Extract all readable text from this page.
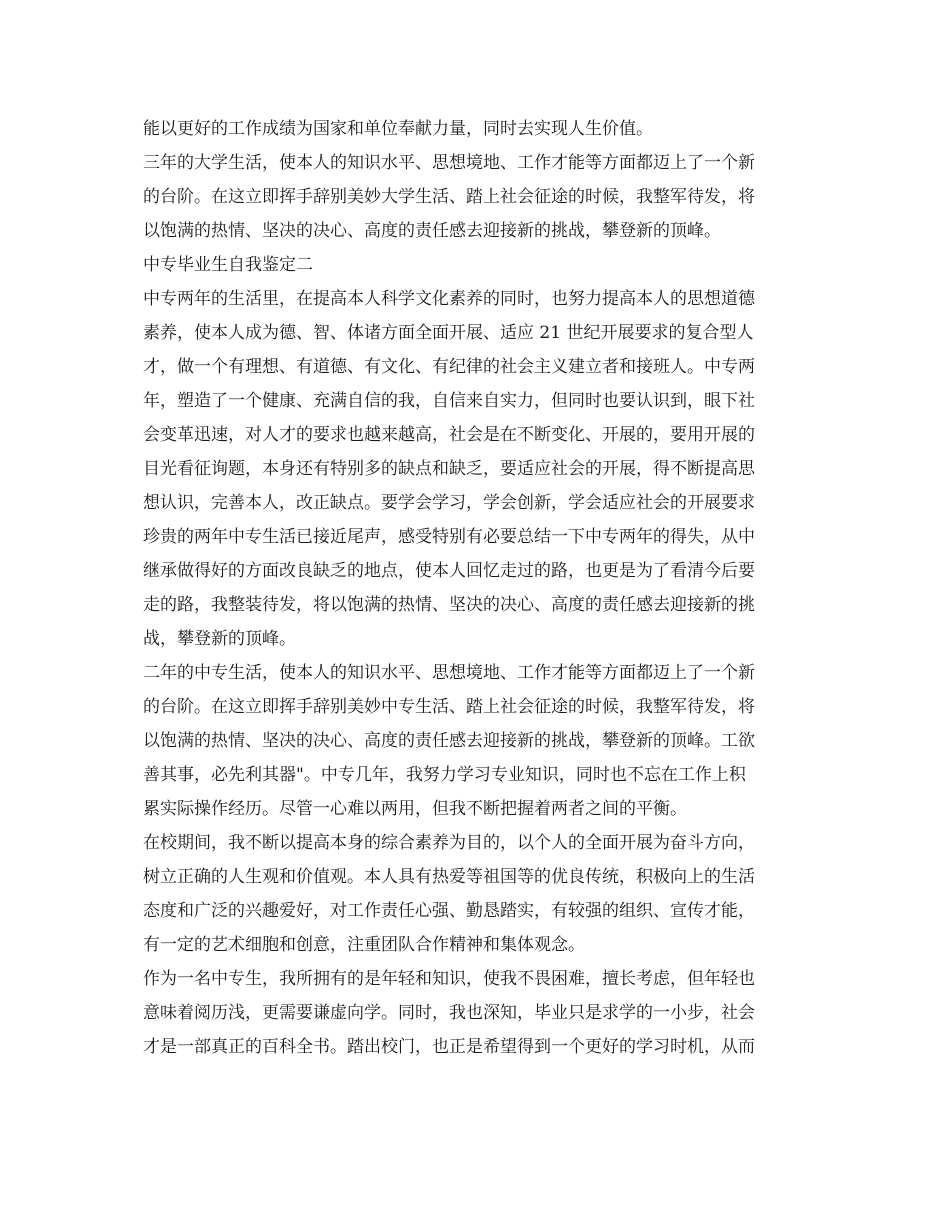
能以更好的工作成绩为国家和单位奉献力量，同时去实现人生价值。
三年的大学生活，使本人的知识水平、思想境地、工作才能等方面都迈上了一个新
的台阶。在这立即挥手辞别美妙大学生活、踏上社会征途的时候，我整军待发，将
以饱满的热情、坚决的决心、高度的责任感去迎接新的挑战，攀登新的顶峰。
中专毕业生自我鉴定二
中专两年的生活里，在提高本人科学文化素养的同时，也努力提高本人的思想道德
素养，使本人成为德、智、体诸方面全面开展、适应 21 世纪开展要求的复合型人
才，做一个有理想、有道德、有文化、有纪律的社会主义建立者和接班人。中专两
年，塑造了一个健康、充满自信的我，自信来自实力，但同时也要认识到，眼下社
会变革迅速，对人才的要求也越来越高，社会是在不断变化、开展的，要用开展的
目光看征询题，本身还有特别多的缺点和缺乏，要适应社会的开展，得不断提高思
想认识，完善本人，改正缺点。要学会学习，学会创新，学会适应社会的开展要求
珍贵的两年中专生活已接近尾声，感受特别有必要总结一下中专两年的得失，从中
继承做得好的方面改良缺乏的地点，使本人回忆走过的路，也更是为了看清今后要
走的路，我整装待发，将以饱满的热情、坚决的决心、高度的责任感去迎接新的挑
战，攀登新的顶峰。
二年的中专生活，使本人的知识水平、思想境地、工作才能等方面都迈上了一个新
的台阶。在这立即挥手辞别美妙中专生活、踏上社会征途的时候，我整军待发，将
以饱满的热情、坚决的决心、高度的责任感去迎接新的挑战，攀登新的顶峰。工欲
善其事，必先利其器"。中专几年，我努力学习专业知识，同时也不忘在工作上积
累实际操作经历。尽管一心难以两用，但我不断把握着两者之间的平衡。
在校期间，我不断以提高本身的综合素养为目的，以个人的全面开展为奋斗方向，
树立正确的人生观和价值观。本人具有热爱等祖国等的优良传统，积极向上的生活
态度和广泛的兴趣爱好，对工作责任心强、勤恳踏实，有较强的组织、宣传才能，
有一定的艺术细胞和创意，注重团队合作精神和集体观念。
作为一名中专生，我所拥有的是年轻和知识，使我不畏困难，擅长考虑，但年轻也
意味着阅历浅，更需要谦虚向学。同时，我也深知，毕业只是求学的一小步，社会
才是一部真正的百科全书。踏出校门，也正是希望得到一个更好的学习时机，从而
